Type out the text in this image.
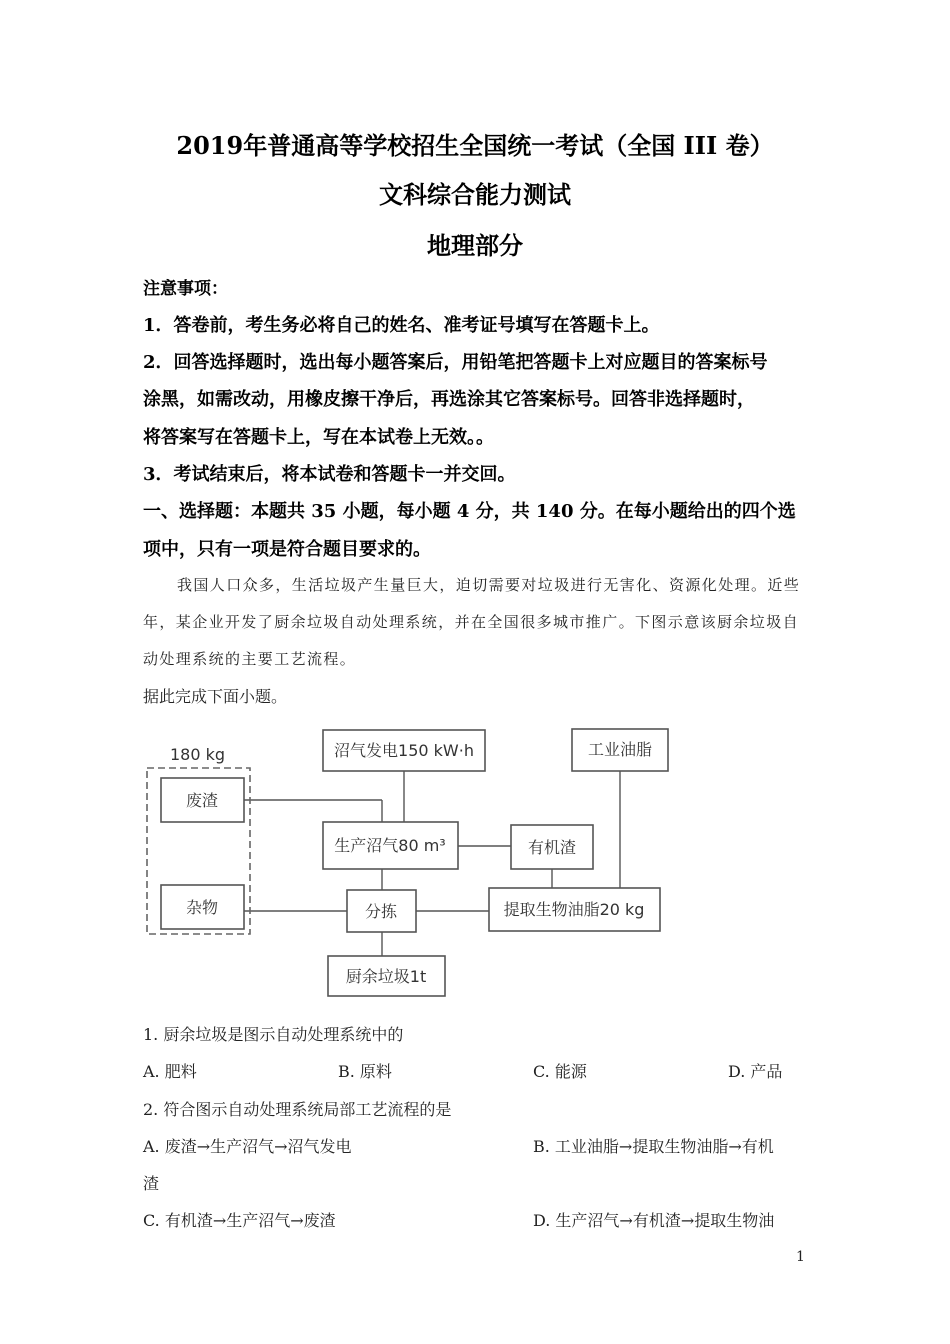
2019年普通高等学校招生全国统一考试（全国 III 卷）
文科综合能力测试
地理部分
注意事项：
1．答卷前，考生务必将自己的姓名、准考证号填写在答题卡上。
2．回答选择题时，选出每小题答案后，用铅笔把答题卡上对应题目的答案标号
涂黑，如需改动，用橡皮擦干净后，再选涂其它答案标号。回答非选择题时，
将答案写在答题卡上，写在本试卷上无效。。
3．考试结束后，将本试卷和答题卡一并交回。
一、选择题：本题共 35 小题，每小题 4 分，共 140 分。在每小题给出的四个选
项中，只有一项是符合题目要求的。
我国人口众多，生活垃圾产生量巨大，迫切需要对垃圾进行无害化、资源化处理。近些
年，某企业开发了厨余垃圾自动处理系统，并在全国很多城市推广。下图示意该厨余垃圾自
动处理系统的主要工艺流程。
据此完成下面小题。
180 kg
废渣
杂物
沼气发电150 kW·h
生产沼气80 m³
分拣
厨余垃圾1t
工业油脂
有机渣
提取生物油脂20 kg
1. 厨余垃圾是图示自动处理系统中的
A. 肥料	B. 原料	C. 能源	D. 产品
2. 符合图示自动处理系统局部工艺流程的是
A. 废渣→生产沼气→沼气发电	B. 工业油脂→提取生物油脂→有机
渣
C. 有机渣→生产沼气→废渣	D. 生产沼气→有机渣→提取生物油
1
